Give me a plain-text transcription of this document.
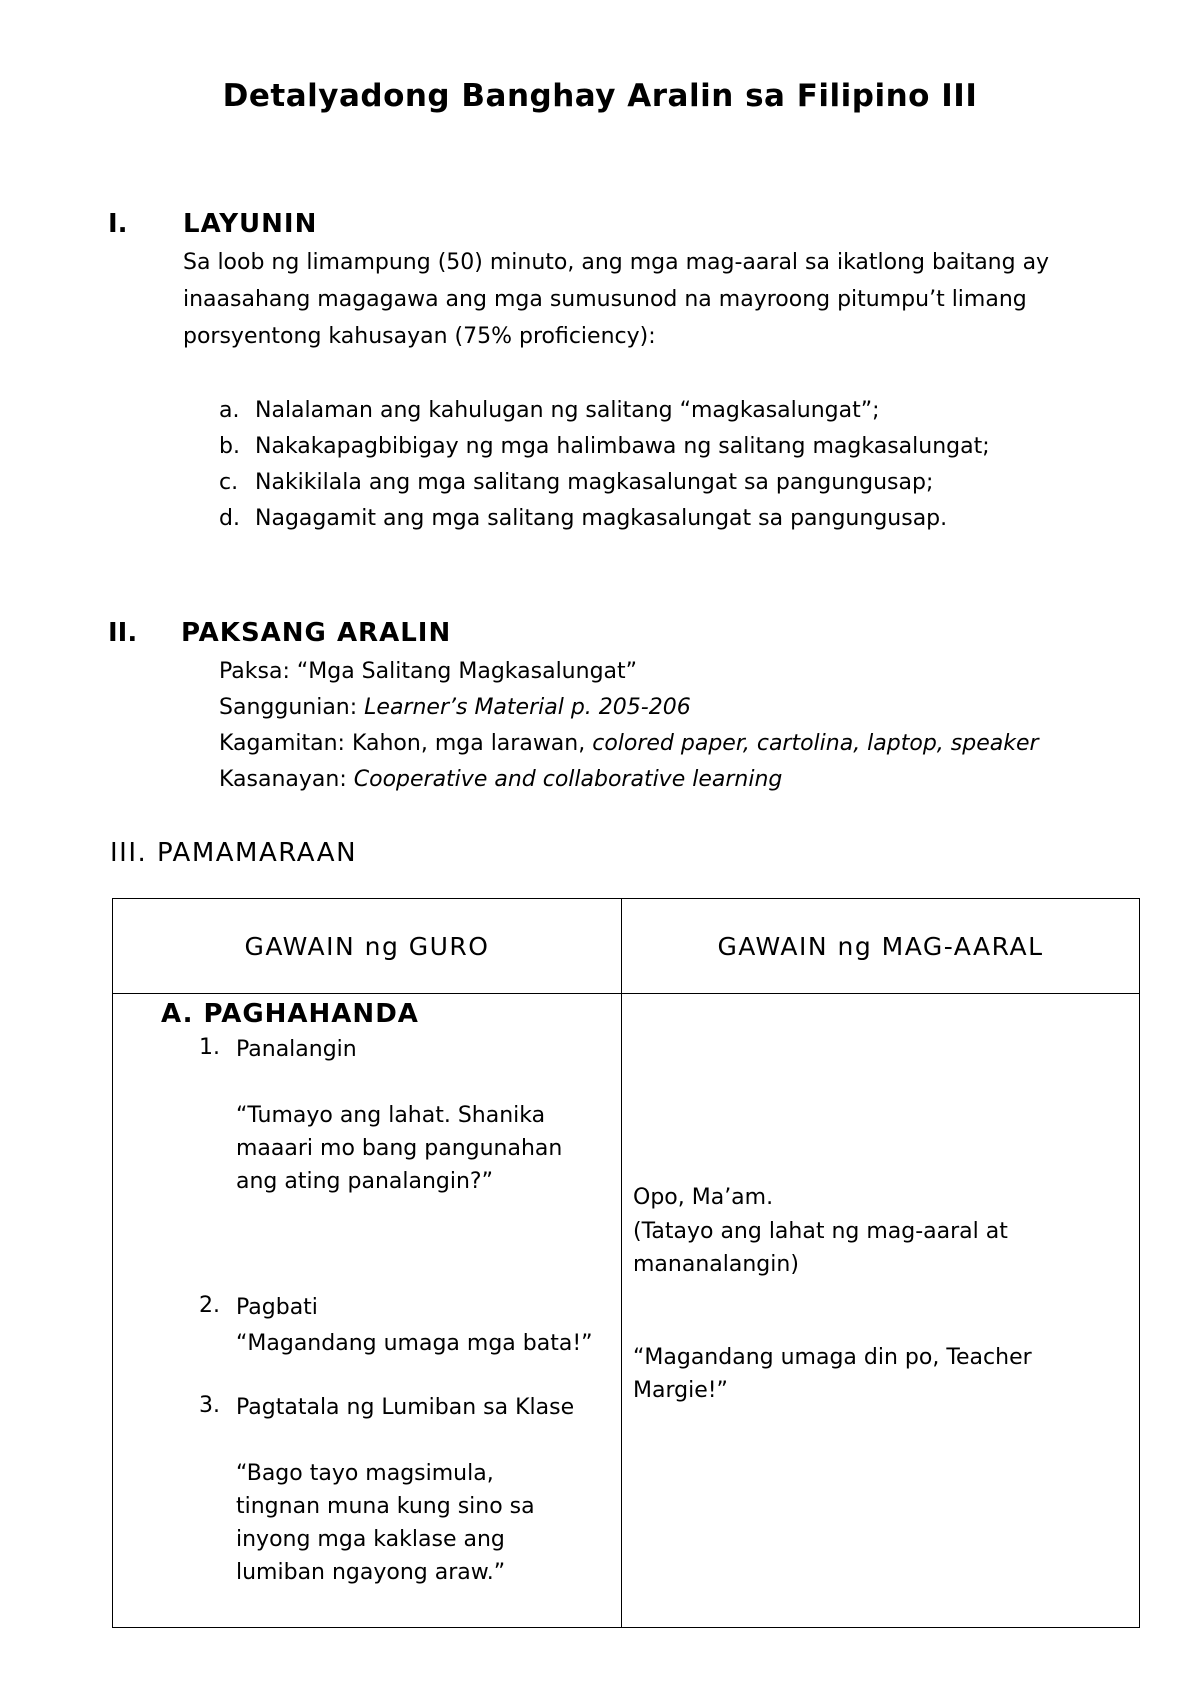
Detalyadong Banghay Aralin sa Filipino III
I. LAYUNIN
Sa loob ng limampung (50) minuto, ang mga mag-aaral sa ikatlong baitang ay inaasahang magagawa ang mga sumusunod na mayroong pitumpu’t limang porsyentong kahusayan (75% proficiency):
a. Nalalaman ang kahulugan ng salitang “magkasalungat”;
b. Nakakapagbibigay ng mga halimbawa ng salitang magkasalungat;
c. Nakikilala ang mga salitang magkasalungat sa pangungusap;
d. Nagagamit ang mga salitang magkasalungat sa pangungusap.
II. PAKSANG ARALIN
Paksa: “Mga Salitang Magkasalungat”
Sanggunian: Learner’s Material p. 205-206
Kagamitan: Kahon, mga larawan, colored paper, cartolina, laptop, speaker
Kasanayan: Cooperative and collaborative learning
III. PAMAMARAAN
GAWAIN ng GURO	GAWAIN ng MAG-AARAL
A. PAGHAHANDA
1. Panalangin
“Tumayo ang lahat. Shanika maaari mo bang pangunahan ang ating panalangin?”
2. Pagbati
“Magandang umaga mga bata!”
3. Pagtatala ng Lumiban sa Klase
“Bago tayo magsimula, tingnan muna kung sino sa inyong mga kaklase ang lumiban ngayong araw.”
Opo, Ma’am.
(Tatayo ang lahat ng mag-aaral at mananalangin)
“Magandang umaga din po, Teacher Margie!”
